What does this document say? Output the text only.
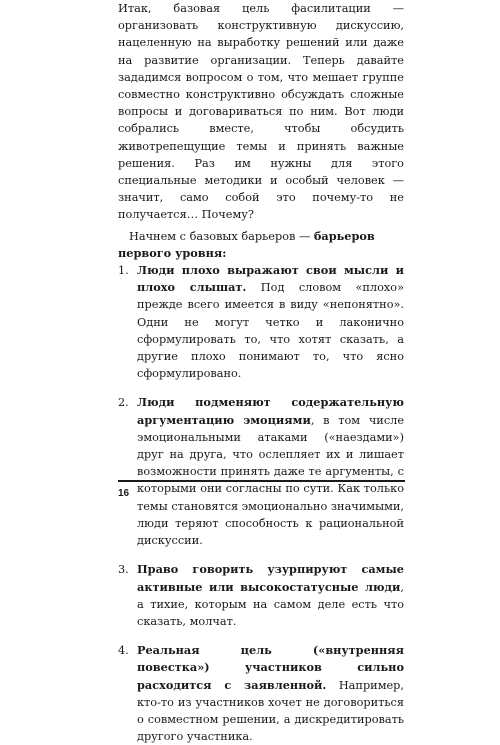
Итак, базовая цель фасилитации — организовать конструктивную дискуссию, нацеленную на выработку решений или даже на развитие организации. Теперь давайте зададимся вопросом о том, что мешает группе совместно конструктивно обсуждать сложные вопросы и договариваться по ним. Вот люди собрались вместе, чтобы обсудить животрепещущие темы и принять важные решения. Раз им нужны для этого специальные методики и особый человек — значит, само собой это почему-то не получается… Почему?

Начнем с базовых барьеров — барьеров первого уровня:

1. Люди плохо выражают свои мысли и плохо слышат. Под словом «плохо» прежде всего имеется в виду «непонятно». Одни не могут четко и лаконично сформулировать то, что хотят сказать, а другие плохо понимают то, что ясно сформулировано.
2. Люди подменяют содержательную аргументацию эмоциями, в том числе эмоциональными атаками («наездами») друг на друга, что ослепляет их и лишает возможности принять даже те аргументы, с которыми они согласны по сути. Как только темы становятся эмоционально значимыми, люди теряют способность к рациональной дискуссии.
3. Право говорить узурпируют самые активные или высокостатусные люди, а тихие, которым на самом деле есть что сказать, молчат.
4. Реальная цель («внутренняя повестка») участников сильно расходится с заявленной. Например, кто-то из участников хочет не договориться о совместном решении, а дискредитировать другого участника.
16
